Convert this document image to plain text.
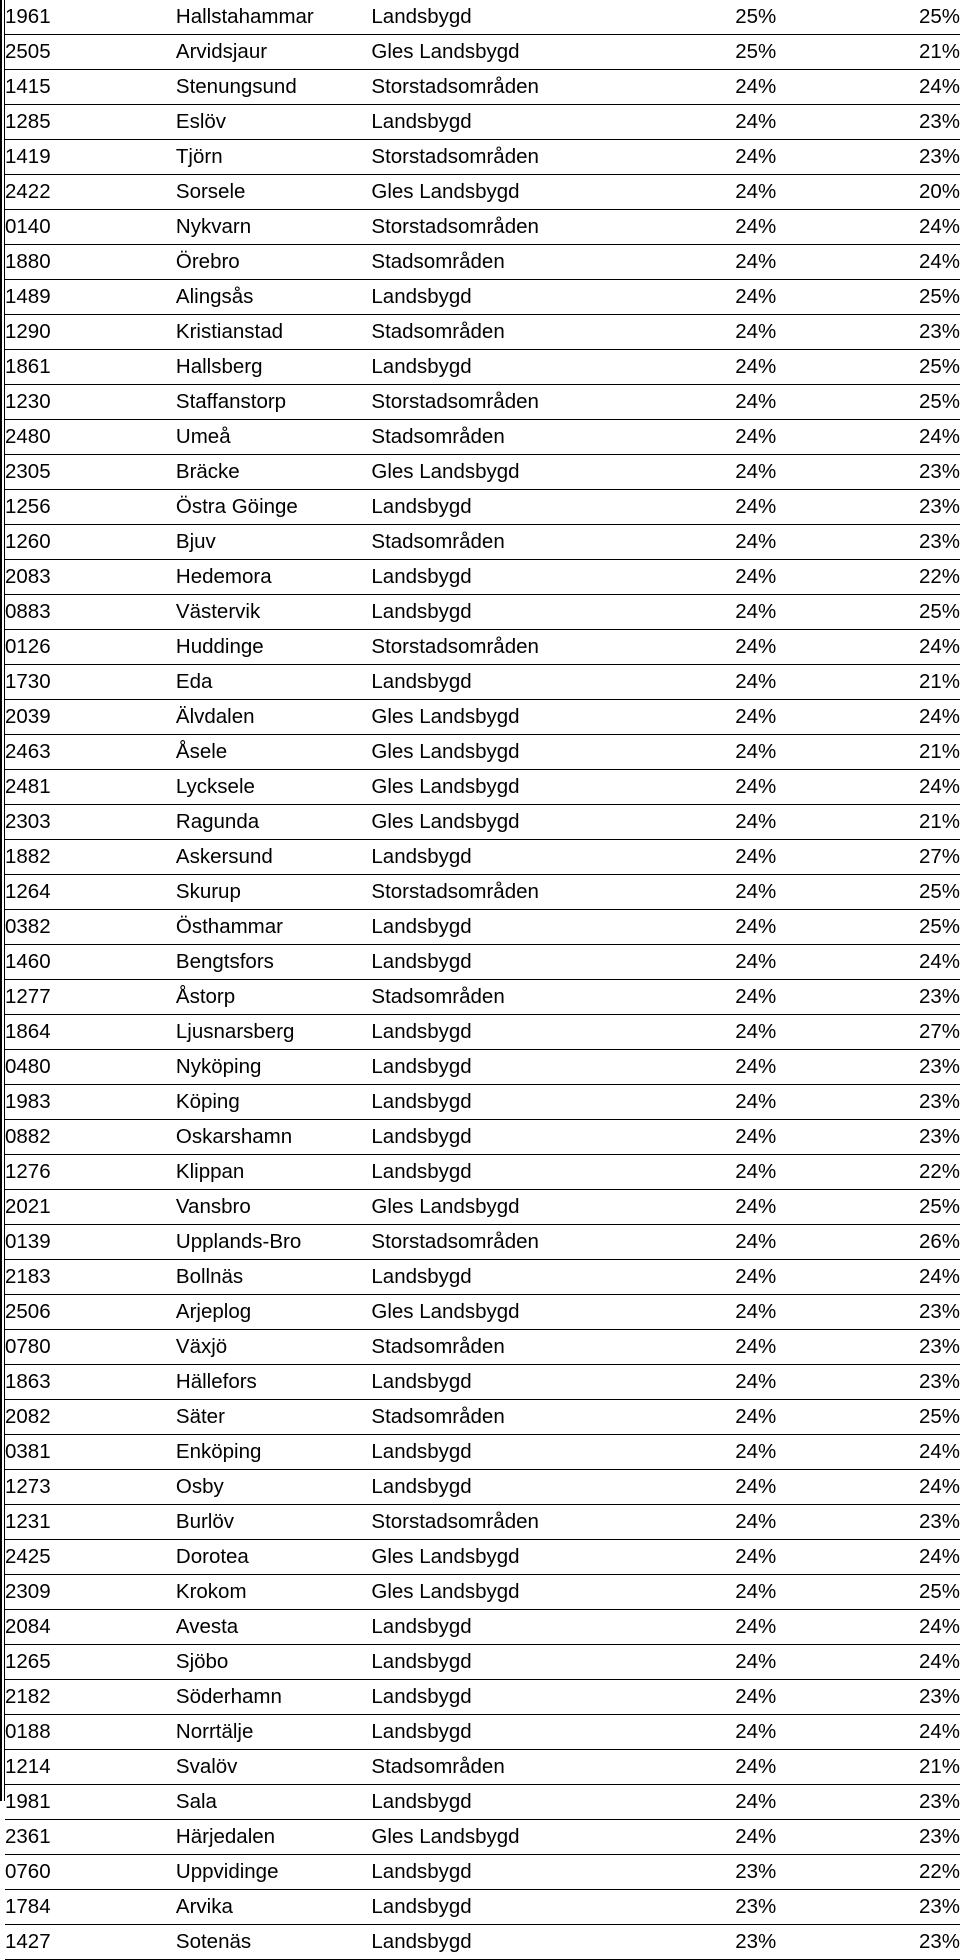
1961	Hallstahammar	Landsbygd	25%	25%
2505	Arvidsjaur	Gles Landsbygd	25%	21%
1415	Stenungsund	Storstadsområden	24%	24%
1285	Eslöv	Landsbygd	24%	23%
1419	Tjörn	Storstadsområden	24%	23%
2422	Sorsele	Gles Landsbygd	24%	20%
0140	Nykvarn	Storstadsområden	24%	24%
1880	Örebro	Stadsområden	24%	24%
1489	Alingsås	Landsbygd	24%	25%
1290	Kristianstad	Stadsområden	24%	23%
1861	Hallsberg	Landsbygd	24%	25%
1230	Staffanstorp	Storstadsområden	24%	25%
2480	Umeå	Stadsområden	24%	24%
2305	Bräcke	Gles Landsbygd	24%	23%
1256	Östra Göinge	Landsbygd	24%	23%
1260	Bjuv	Stadsområden	24%	23%
2083	Hedemora	Landsbygd	24%	22%
0883	Västervik	Landsbygd	24%	25%
0126	Huddinge	Storstadsområden	24%	24%
1730	Eda	Landsbygd	24%	21%
2039	Älvdalen	Gles Landsbygd	24%	24%
2463	Åsele	Gles Landsbygd	24%	21%
2481	Lycksele	Gles Landsbygd	24%	24%
2303	Ragunda	Gles Landsbygd	24%	21%
1882	Askersund	Landsbygd	24%	27%
1264	Skurup	Storstadsområden	24%	25%
0382	Östhammar	Landsbygd	24%	25%
1460	Bengtsfors	Landsbygd	24%	24%
1277	Åstorp	Stadsområden	24%	23%
1864	Ljusnarsberg	Landsbygd	24%	27%
0480	Nyköping	Landsbygd	24%	23%
1983	Köping	Landsbygd	24%	23%
0882	Oskarshamn	Landsbygd	24%	23%
1276	Klippan	Landsbygd	24%	22%
2021	Vansbro	Gles Landsbygd	24%	25%
0139	Upplands-Bro	Storstadsområden	24%	26%
2183	Bollnäs	Landsbygd	24%	24%
2506	Arjeplog	Gles Landsbygd	24%	23%
0780	Växjö	Stadsområden	24%	23%
1863	Hällefors	Landsbygd	24%	23%
2082	Säter	Stadsområden	24%	25%
0381	Enköping	Landsbygd	24%	24%
1273	Osby	Landsbygd	24%	24%
1231	Burlöv	Storstadsområden	24%	23%
2425	Dorotea	Gles Landsbygd	24%	24%
2309	Krokom	Gles Landsbygd	24%	25%
2084	Avesta	Landsbygd	24%	24%
1265	Sjöbo	Landsbygd	24%	24%
2182	Söderhamn	Landsbygd	24%	23%
0188	Norrtälje	Landsbygd	24%	24%
1214	Svalöv	Stadsområden	24%	21%
1981	Sala	Landsbygd	24%	23%
2361	Härjedalen	Gles Landsbygd	24%	23%
0760	Uppvidinge	Landsbygd	23%	22%
1784	Arvika	Landsbygd	23%	23%
1427	Sotenäs	Landsbygd	23%	23%
